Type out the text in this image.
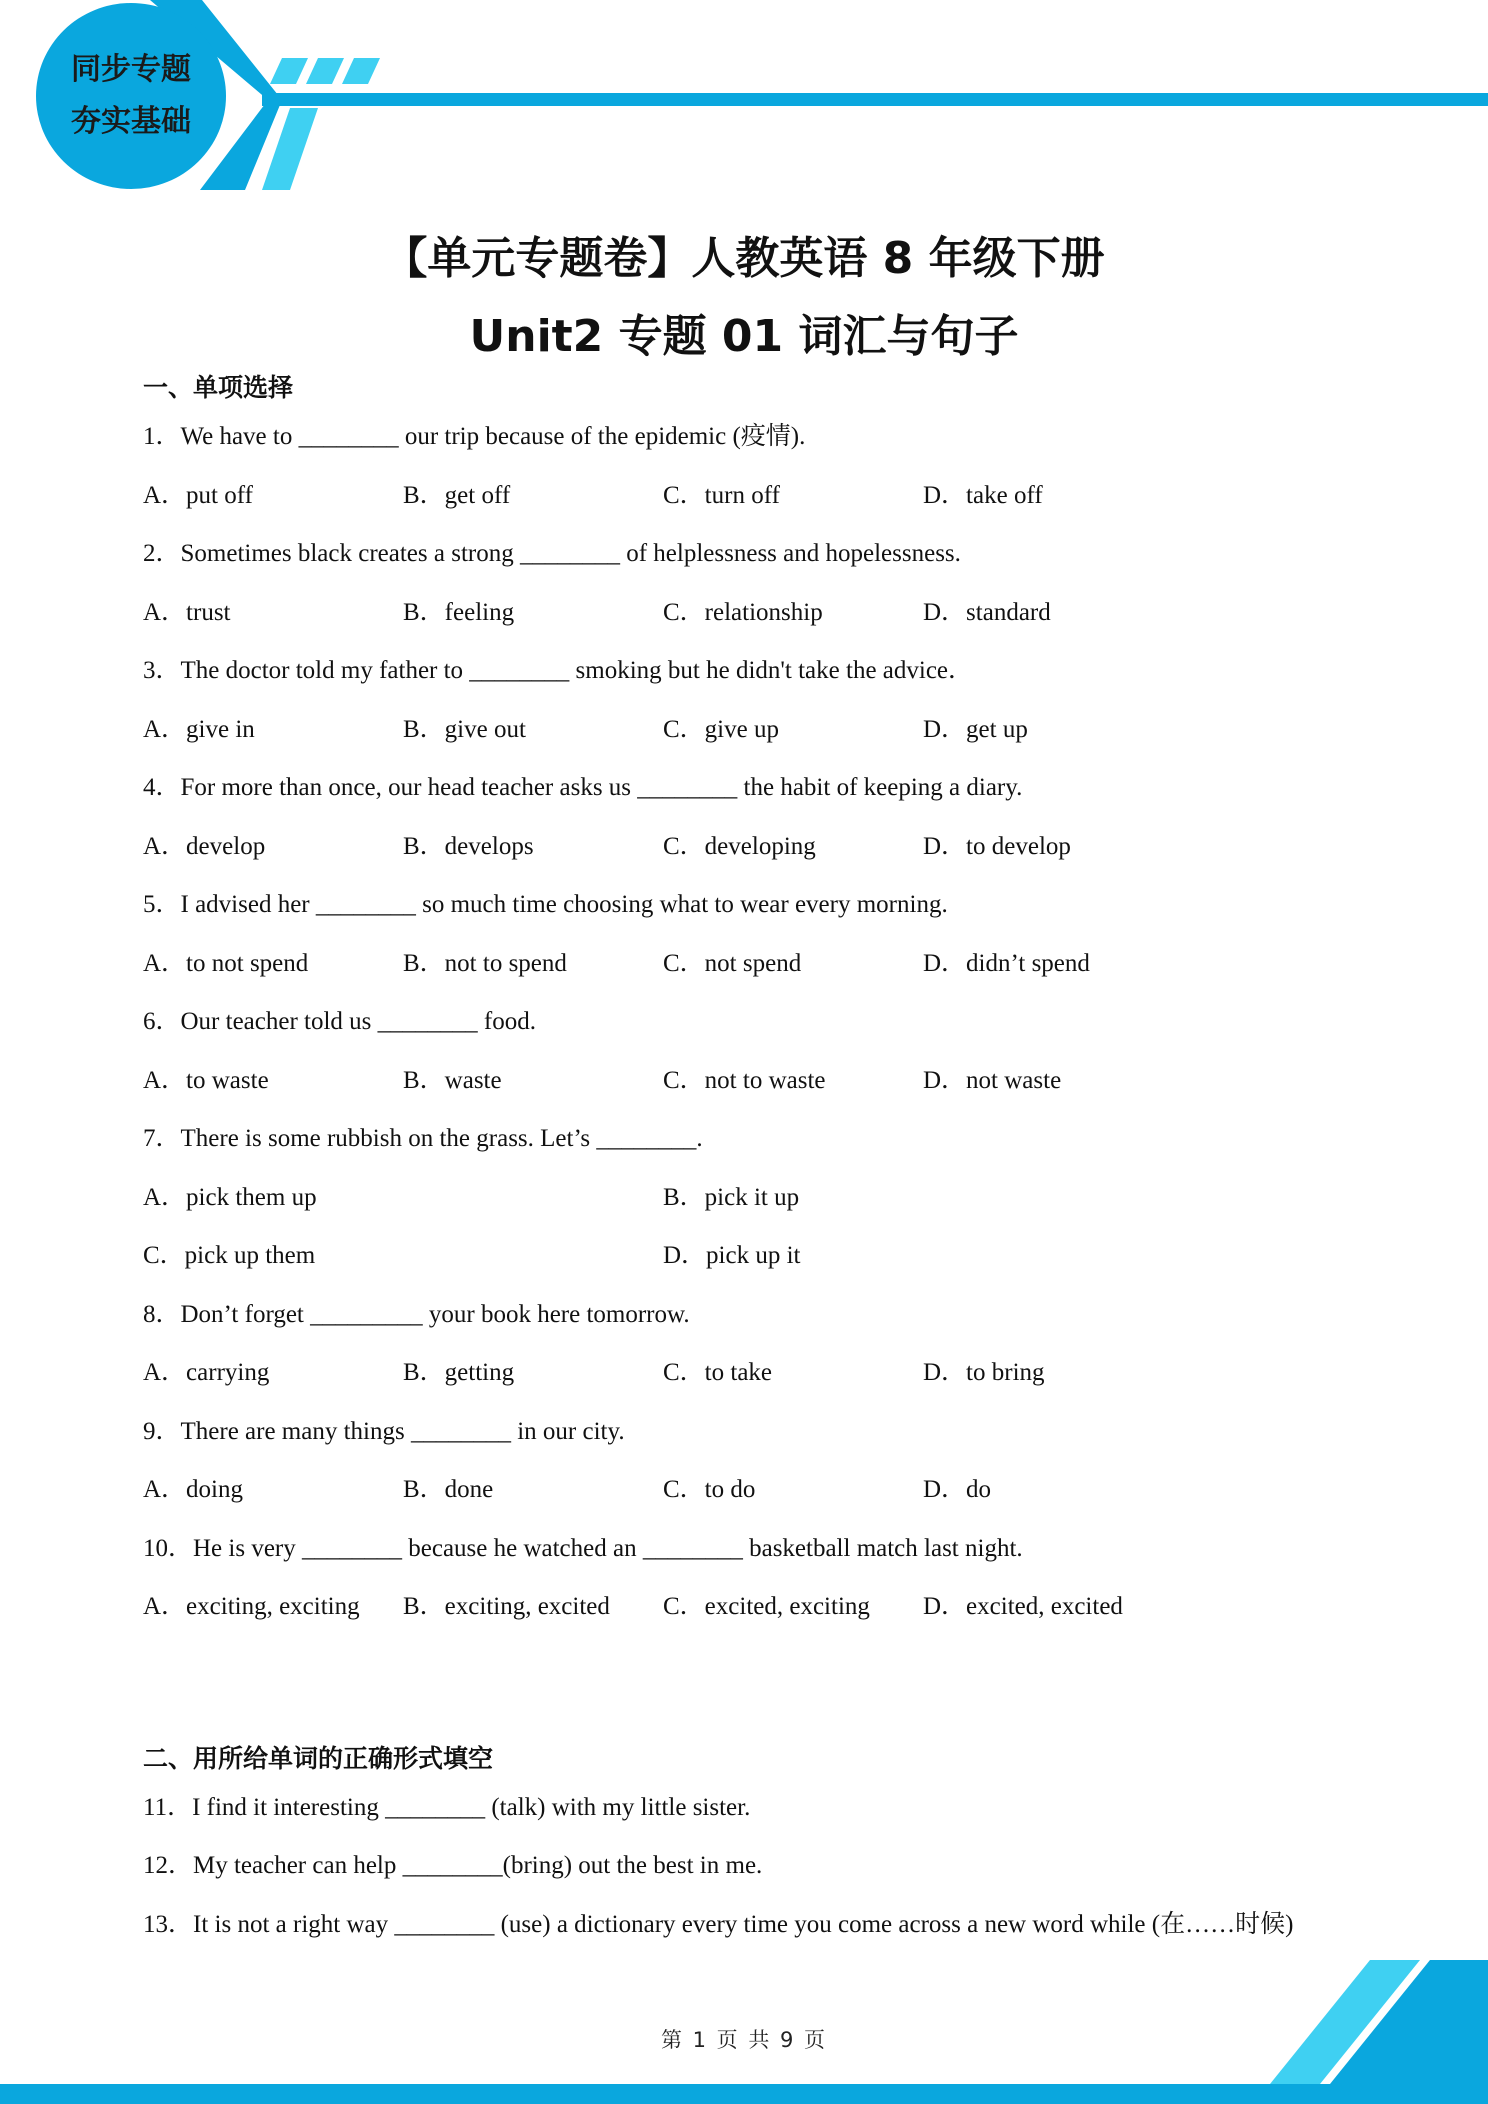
同步专题
夯实基础
【单元专题卷】人教英语 8 年级下册
Unit2 专题 01 词汇与句子
一、单项选择
1．We have to ________ our trip because of the epidemic (疫情).
A．put off	B．get off	C．turn off	D．take off
2．Sometimes black creates a strong ________ of helplessness and hopelessness.
A．trust	B．feeling	C．relationship	D．standard
3．The doctor told my father to ________ smoking but he didn't take the advice．
A．give in	B．give out	C．give up	D．get up
4．For more than once, our head teacher asks us ________ the habit of keeping a diary.
A．develop	B．develops	C．developing	D．to develop
5．I advised her ________ so much time choosing what to wear every morning.
A．to not spend	B．not to spend	C．not spend	D．didn’t spend
6．Our teacher told us ________ food.
A．to waste	B．waste	C．not to waste	D．not waste
7．There is some rubbish on the grass. Let’s ________.
A．pick them up	B．pick it up
C．pick up them	D．pick up it
8．Don’t forget _________ your book here tomorrow.
A．carrying	B．getting	C．to take	D．to bring
9．There are many things ________ in our city.
A．doing	B．done	C．to do	D．do
10．He is very ________ because he watched an ________ basketball match last night.
A．exciting, exciting B．exciting, excited C．excited, exciting D．excited, excited
二、用所给单词的正确形式填空
11．I find it interesting ________ (talk) with my little sister.
12．My teacher can help ________(bring) out the best in me.
13．It is not a right way ________ (use) a dictionary every time you come across a new word while (在……时候)
第 1 页 共 9 页
